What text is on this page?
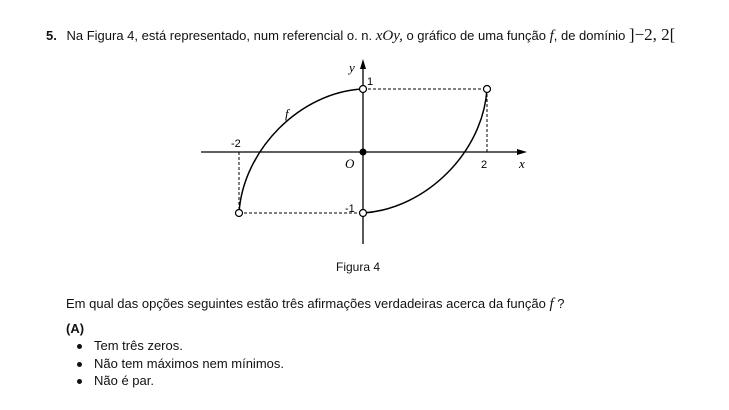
5. Na Figura 4, está representado, num referencial o. n. xOy, o gráfico de uma função f, de domínio ]−2, 2[
y
x
O
f
-2
2
1
-1
Figura 4
Em qual das opções seguintes estão três afirmações verdadeiras acerca da função f ?
(A)
Tem três zeros.
Não tem máximos nem mínimos.
Não é par.
